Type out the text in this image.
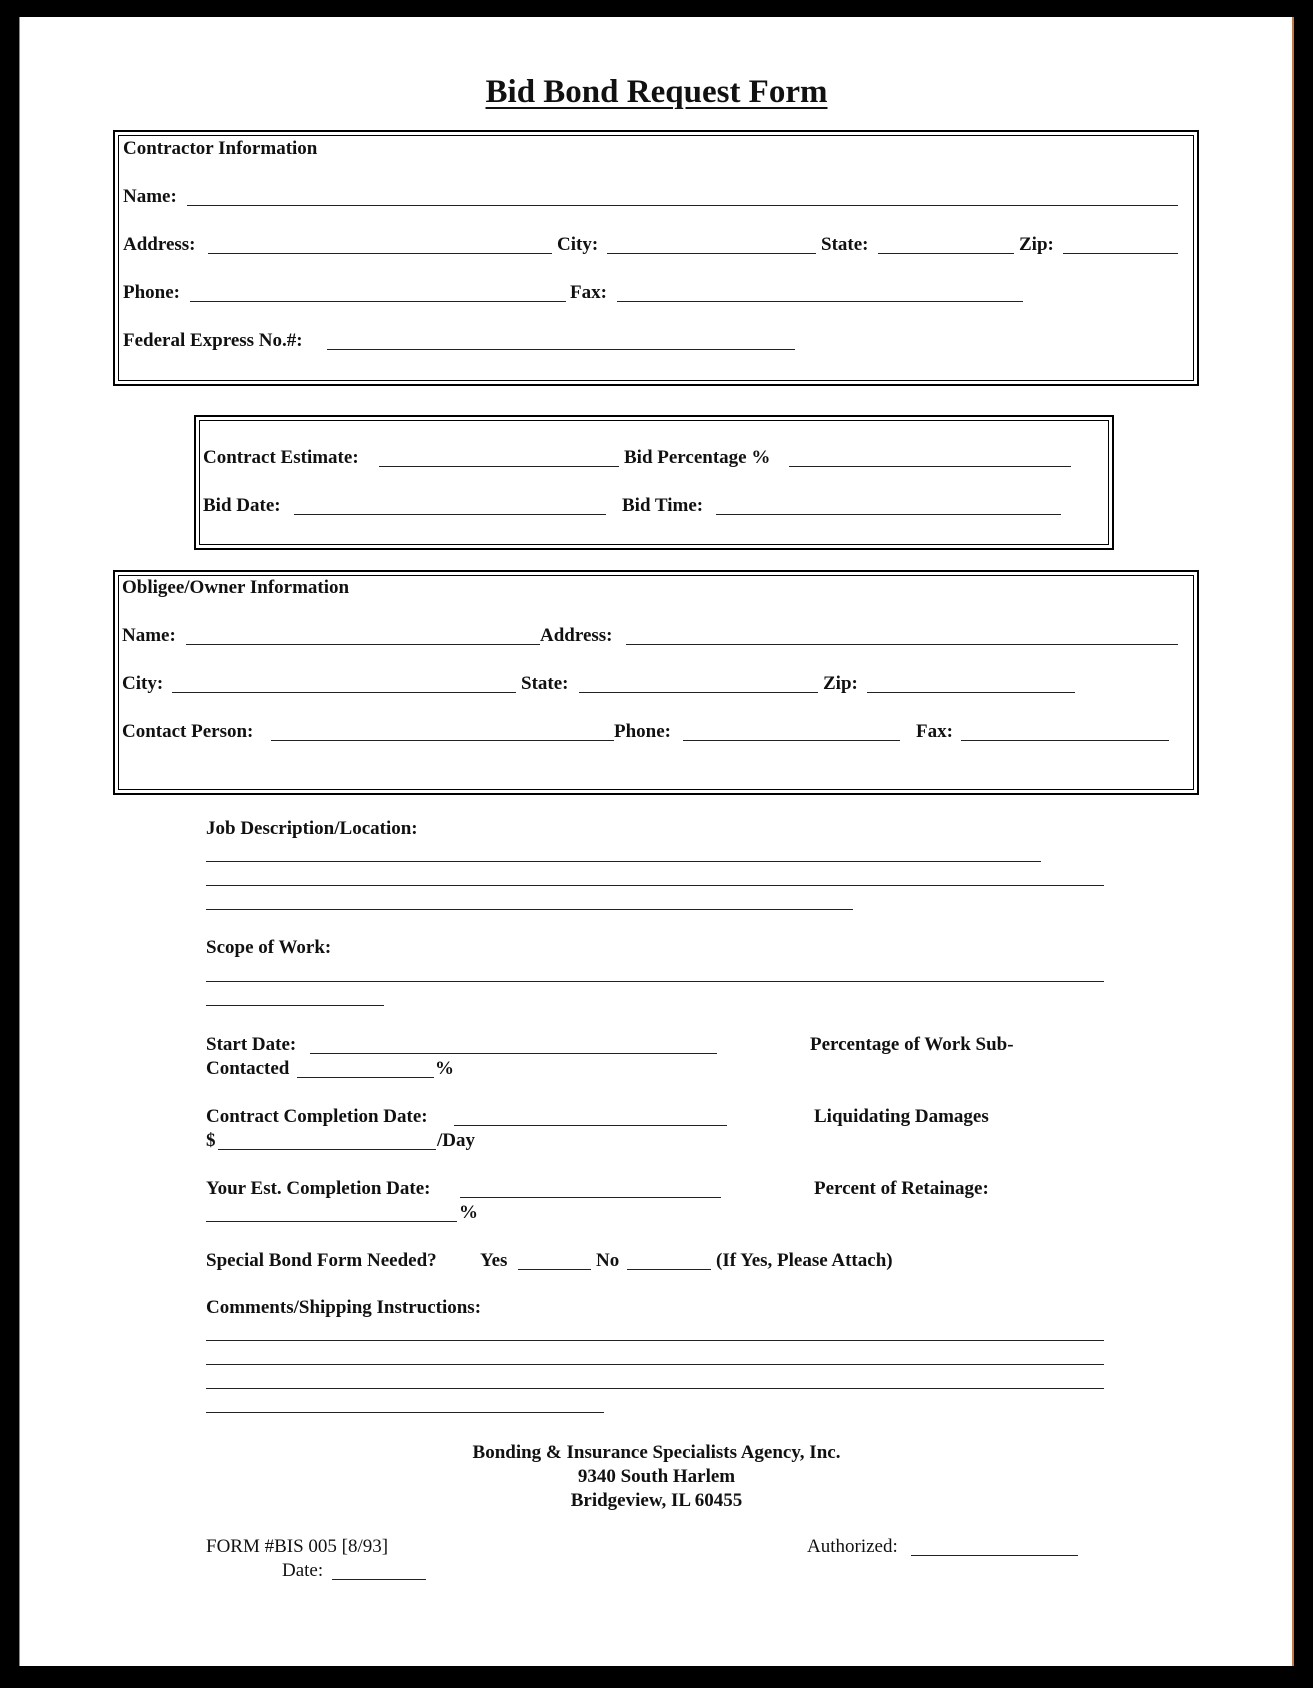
Bid Bond Request Form
Contractor Information
Name:
Address:	City:	State:	Zip:
Phone:	Fax:
Federal Express No.#:
Contract Estimate:	Bid Percentage %
Bid Date:	Bid Time:
Obligee/Owner Information
Name:	Address:
City:	State:	Zip:
Contact Person:	Phone:	Fax:
Job Description/Location:
Scope of Work:
Start Date:	Percentage of Work Sub-
Contacted	%
Contract Completion Date:	Liquidating Damages
$	/Day
Your Est. Completion Date:	Percent of Retainage:
%
Special Bond Form Needed? Yes	No	(If Yes, Please Attach)
Comments/Shipping Instructions:
Bonding & Insurance Specialists Agency, Inc.
9340 South Harlem
Bridgeview, IL 60455
FORM #BIS 005 [8/93]
Date:
Authorized:
